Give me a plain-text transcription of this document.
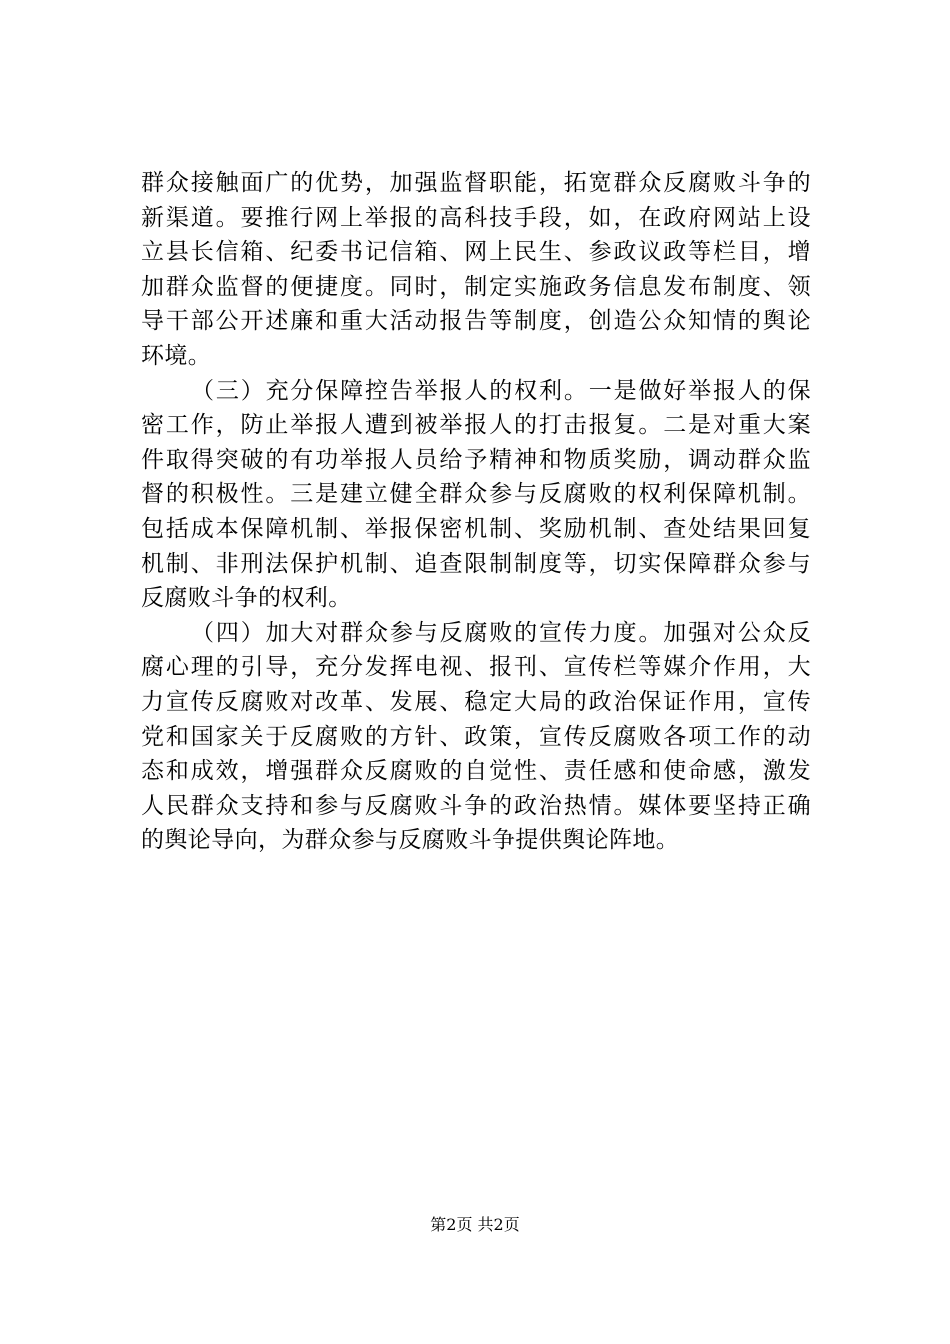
群众接触面广的优势，加强监督职能，拓宽群众反腐败斗争的
新渠道。要推行网上举报的高科技手段，如，在政府网站上设
立县长信箱、纪委书记信箱、网上民生、参政议政等栏目，增
加群众监督的便捷度。同时，制定实施政务信息发布制度、领
导干部公开述廉和重大活动报告等制度，创造公众知情的舆论
环境。
（三）充分保障控告举报人的权利。一是做好举报人的保
密工作，防止举报人遭到被举报人的打击报复。二是对重大案
件取得突破的有功举报人员给予精神和物质奖励，调动群众监
督的积极性。三是建立健全群众参与反腐败的权利保障机制。
包括成本保障机制、举报保密机制、奖励机制、查处结果回复
机制、非刑法保护机制、追查限制制度等，切实保障群众参与
反腐败斗争的权利。
（四）加大对群众参与反腐败的宣传力度。加强对公众反
腐心理的引导，充分发挥电视、报刊、宣传栏等媒介作用，大
力宣传反腐败对改革、发展、稳定大局的政治保证作用，宣传
党和国家关于反腐败的方针、政策，宣传反腐败各项工作的动
态和成效，增强群众反腐败的自觉性、责任感和使命感，激发
人民群众支持和参与反腐败斗争的政治热情。媒体要坚持正确
的舆论导向，为群众参与反腐败斗争提供舆论阵地。
第2页 共2页
